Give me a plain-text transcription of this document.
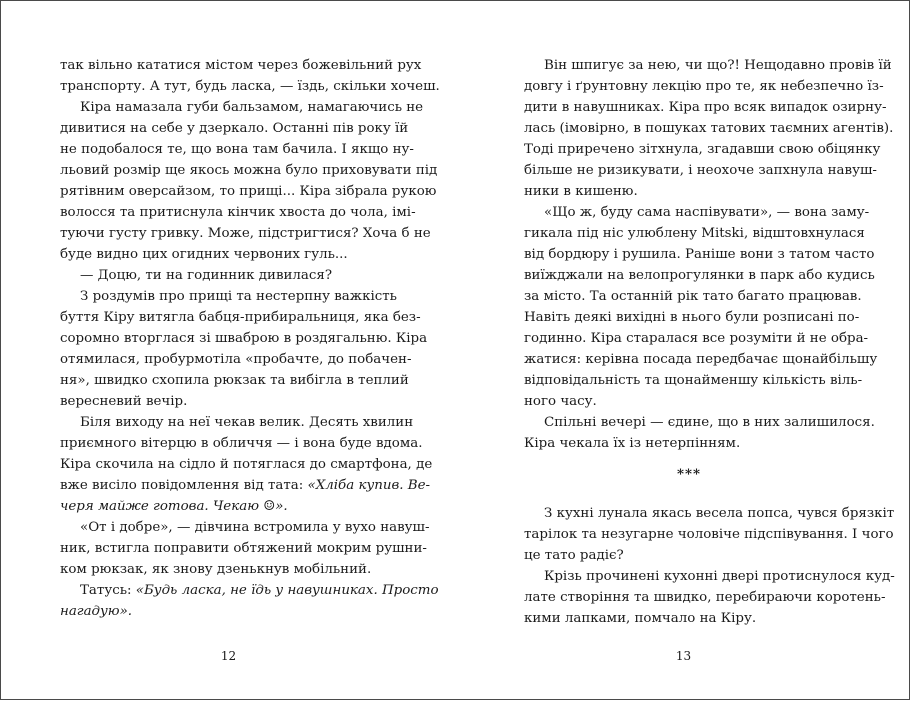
так вільно кататися містом через божевільний рух
транспорту. А тут, будь ласка, — їздь, скільки хочеш.
Кіра намазала губи бальзамом, намагаючись не
дивитися на себе у дзеркало. Останні пів року їй
не подобалося те, що вона там бачила. І якщо ну-
льовий розмір ще якось можна було приховувати під
рятівним оверсайзом, то прищі... Кіра зібрала рукою
волосся та притиснула кінчик хвоста до чола, імі-
туючи густу гривку. Може, підстригтися? Хоча б не
буде видно цих огидних червоних гуль...
— Доцю, ти на годинник дивилася?
З роздумів про прищі та нестерпну важкість
буття Кіру витягла бабця-прибиральниця, яка без-
соромно вторглася зі шваброю в роздягальню. Кіра
отямилася, пробурмотіла «пробачте, до побачен-
ня», швидко схопила рюкзак та вибігла в теплий
вересневий вечір.
Біля виходу на неї чекав велик. Десять хвилин
приємного вітерцю в обличчя — і вона буде вдома.
Кіра скочила на сідло й потяглася до смартфона, де
вже висіло повідомлення від тата: «Хліба купив. Ве-
черя майже готова. Чекаю ☺».
«От і добре», — дівчина встромила у вухо навуш-
ник, встигла поправити обтяжений мокрим рушни-
ком рюкзак, як знову дзенькнув мобільний.
Татусь: «Будь ласка, не їдь у навушниках. Просто
нагадую».
12
Він шпигує за нею, чи що?! Нещодавно провів їй
довгу і ґрунтовну лекцію про те, як небезпечно їз-
дити в навушниках. Кіра про всяк випадок озирну-
лась (імовірно, в пошуках татових таємних агентів).
Тоді приречено зітхнула, згадавши свою обіцянку
більше не ризикувати, і неохоче запхнула навуш-
ники в кишеню.
«Що ж, буду сама наспівувати», — вона заму-
гикала під ніс улюблену Mitski, відштовхнулася
від бордюру і рушила. Раніше вони з татом часто
виїжджали на велопрогулянки в парк або кудись
за місто. Та останній рік тато багато працював.
Навіть деякі вихідні в нього були розписані по-
годинно. Кіра старалася все розуміти й не обра-
жатися: керівна посада передбачає щонайбільшу
відповідальність та щонайменшу кількість віль-
ного часу.
Спільні вечері — єдине, що в них залишилося.
Кіра чекала їх із нетерпінням.
***
З кухні лунала якась весела попса, чувся брязкіт
тарілок та незугарне чоловіче підспівування. І чого
це тато радіє?
Крізь прочинені кухонні двері протиснулося куд-
лате створіння та швидко, перебираючи коротень-
кими лапками, помчало на Кіру.
13
